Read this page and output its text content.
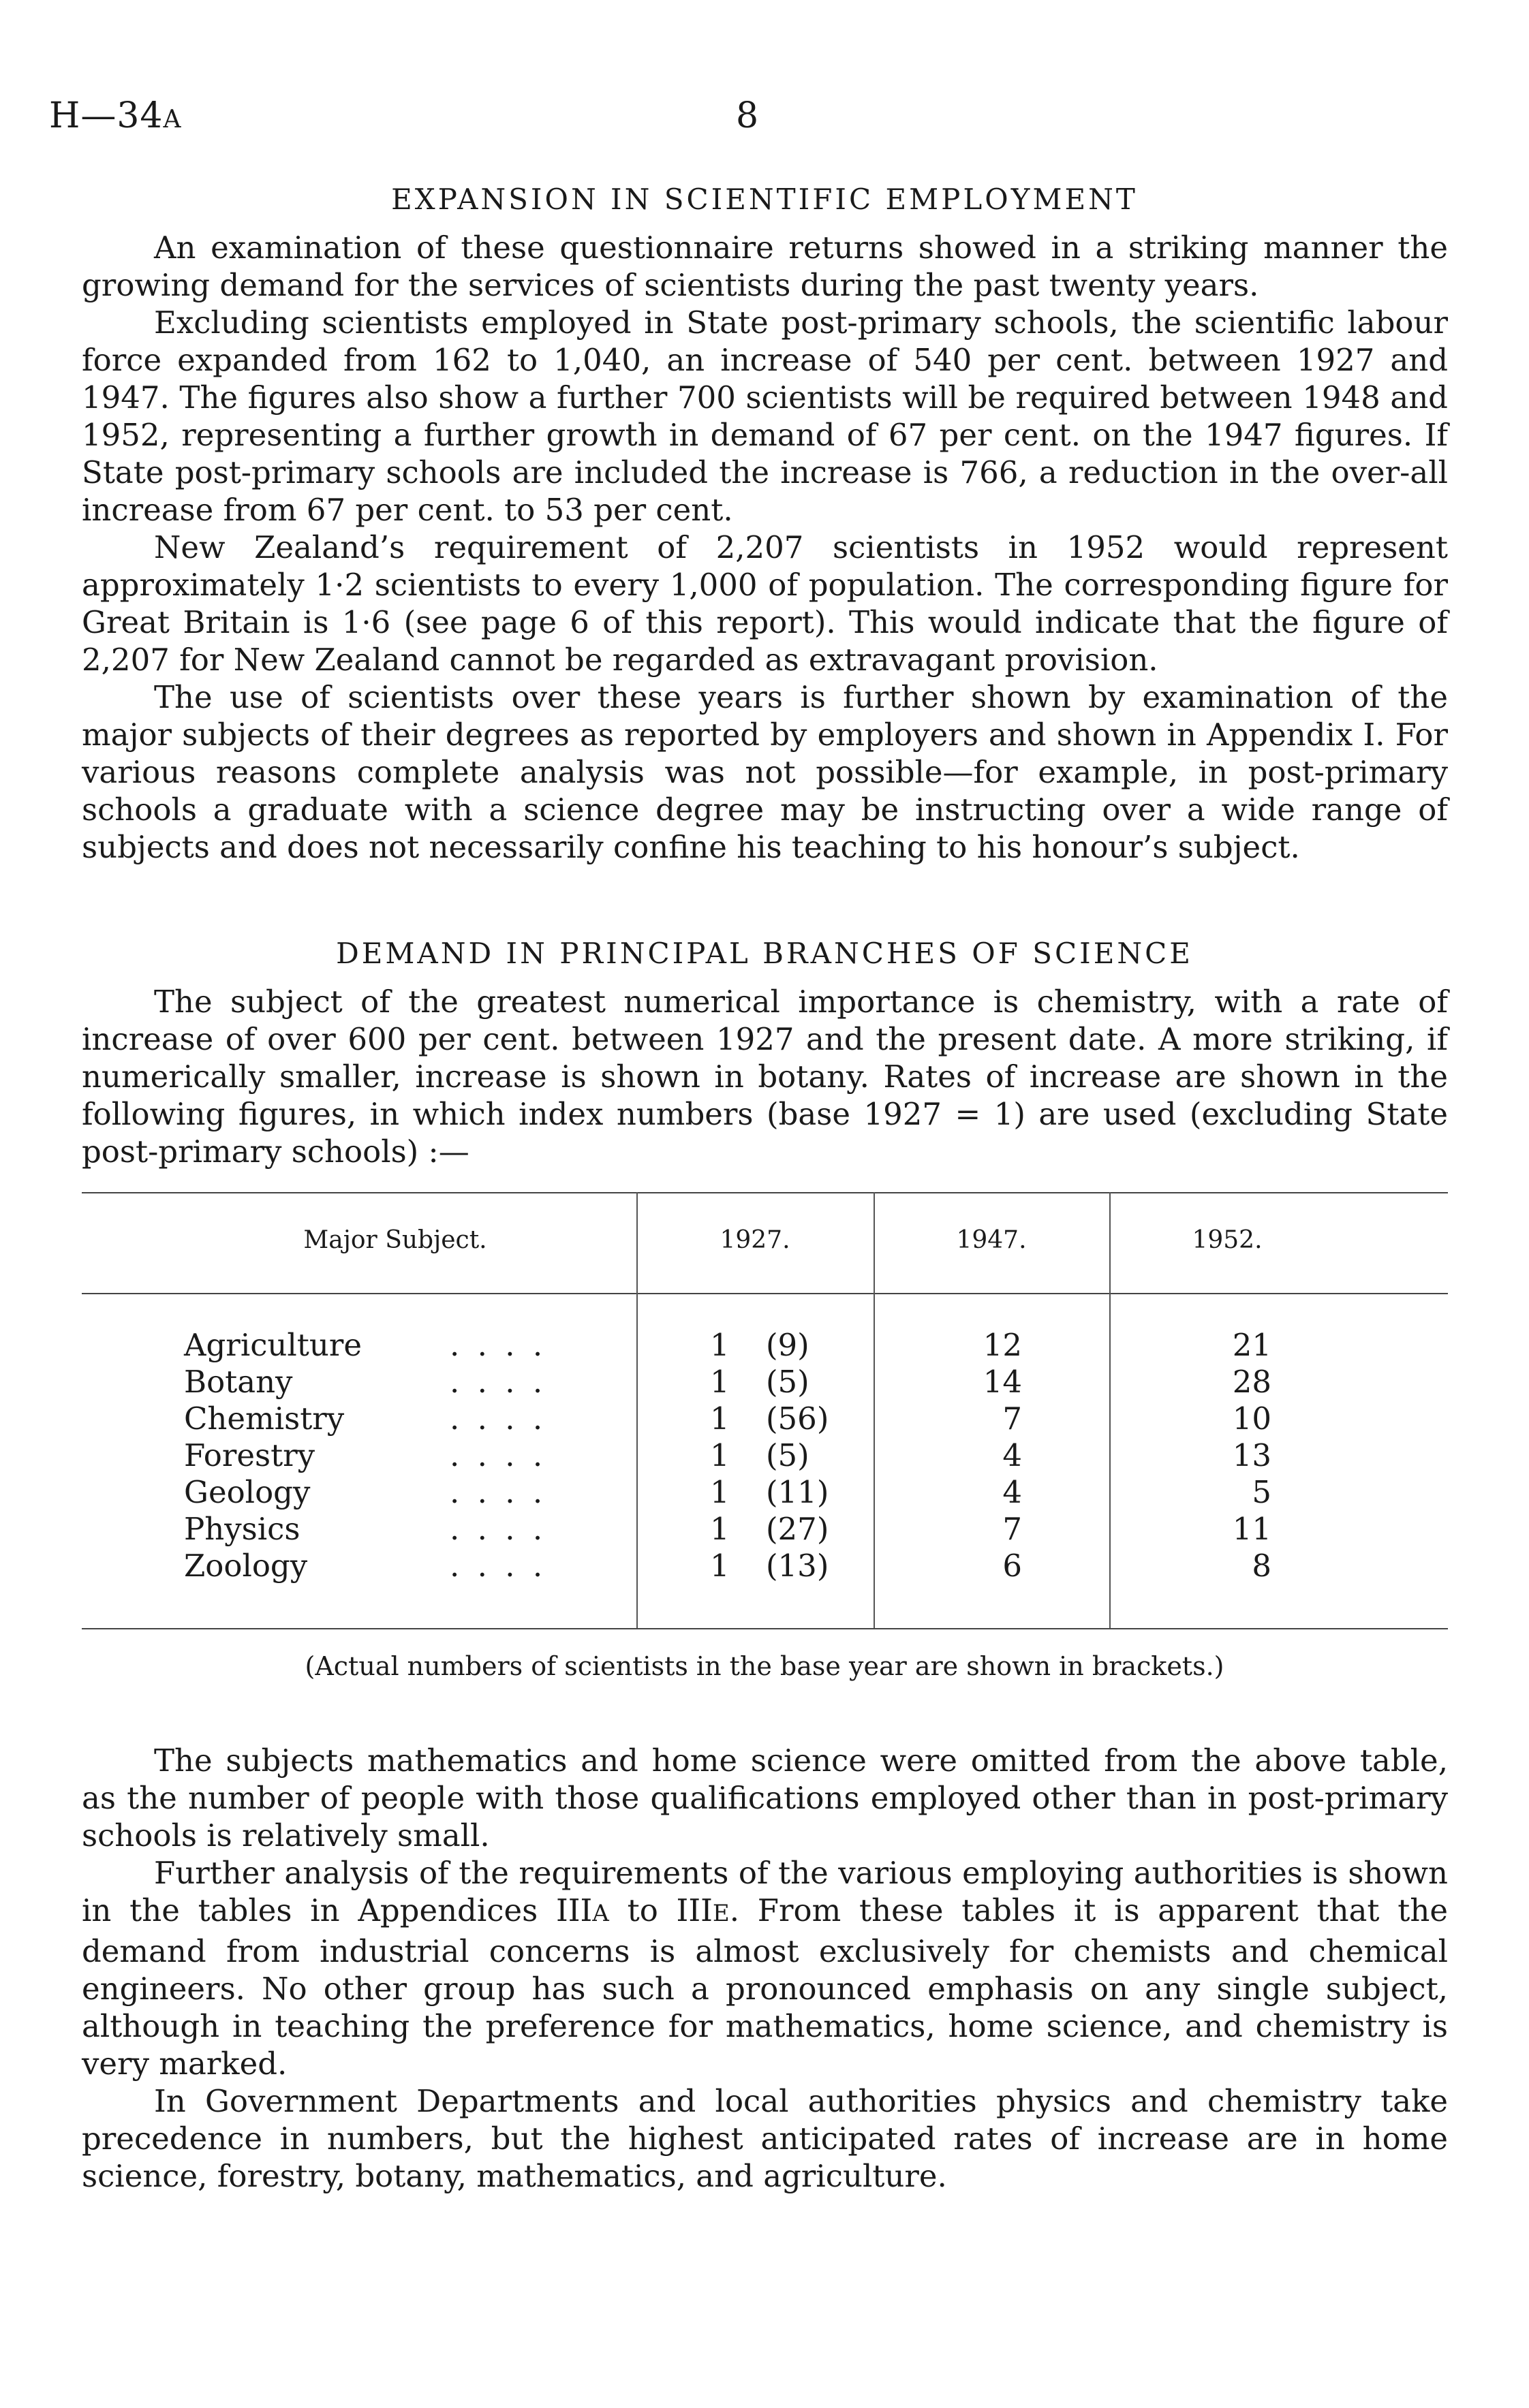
H—34A	8
EXPANSION IN SCIENTIFIC EMPLOYMENT

An examination of these questionnaire returns showed in a striking manner the growing demand for the services of scientists during the past twenty years.

Excluding scientists employed in State post-primary schools, the scientific labour force expanded from 162 to 1,040, an increase of 540 per cent. between 1927 and 1947. The figures also show a further 700 scientists will be required between 1948 and 1952, representing a further growth in demand of 67 per cent. on the 1947 figures. If State post-primary schools are included the increase is 766, a reduction in the over-all increase from 67 per cent. to 53 per cent.

New Zealand’s requirement of 2,207 scientists in 1952 would represent approximately 1·2 scientists to every 1,000 of population. The corresponding figure for Great Britain is 1·6 (see page 6 of this report). This would indicate that the figure of 2,207 for New Zealand cannot be regarded as extravagant provision.

The use of scientists over these years is further shown by examination of the major subjects of their degrees as reported by employers and shown in Appendix I. For various reasons complete analysis was not possible—for example, in post-primary schools a graduate with a science degree may be instructing over a wide range of subjects and does not necessarily confine his teaching to his honour’s subject.

DEMAND IN PRINCIPAL BRANCHES OF SCIENCE

The subject of the greatest numerical importance is chemistry, with a rate of increase of over 600 per cent. between 1927 and the present date. A more striking, if numerically smaller, increase is shown in botany. Rates of increase are shown in the following figures, in which index numbers (base 1927 = 1) are used (excluding State post-primary schools) :—

Major Subject.	1927.	1947.	1952.
Agriculture	. . . .	1 (9)	12	21
Botany	. . . .	1 (5)	14	28
Chemistry	. . . .	1 (56)	7	10
Forestry	. . . .	1 (5)	4	13
Geology	. . . .	1 (11)	4	5
Physics	. . . .	1 (27)	7	11
Zoology	. . . .	1 (13)	6	8
(Actual numbers of scientists in the base year are shown in brackets.)

The subjects mathematics and home science were omitted from the above table, as the number of people with those qualifications employed other than in post-primary schools is relatively small.

Further analysis of the requirements of the various employing authorities is shown in the tables in Appendices IIIA to IIIE. From these tables it is apparent that the demand from industrial concerns is almost exclusively for chemists and chemical engineers. No other group has such a pronounced emphasis on any single subject, although in teaching the preference for mathematics, home science, and chemistry is very marked.

In Government Departments and local authorities physics and chemistry take precedence in numbers, but the highest anticipated rates of increase are in home science, forestry, botany, mathematics, and agriculture.
